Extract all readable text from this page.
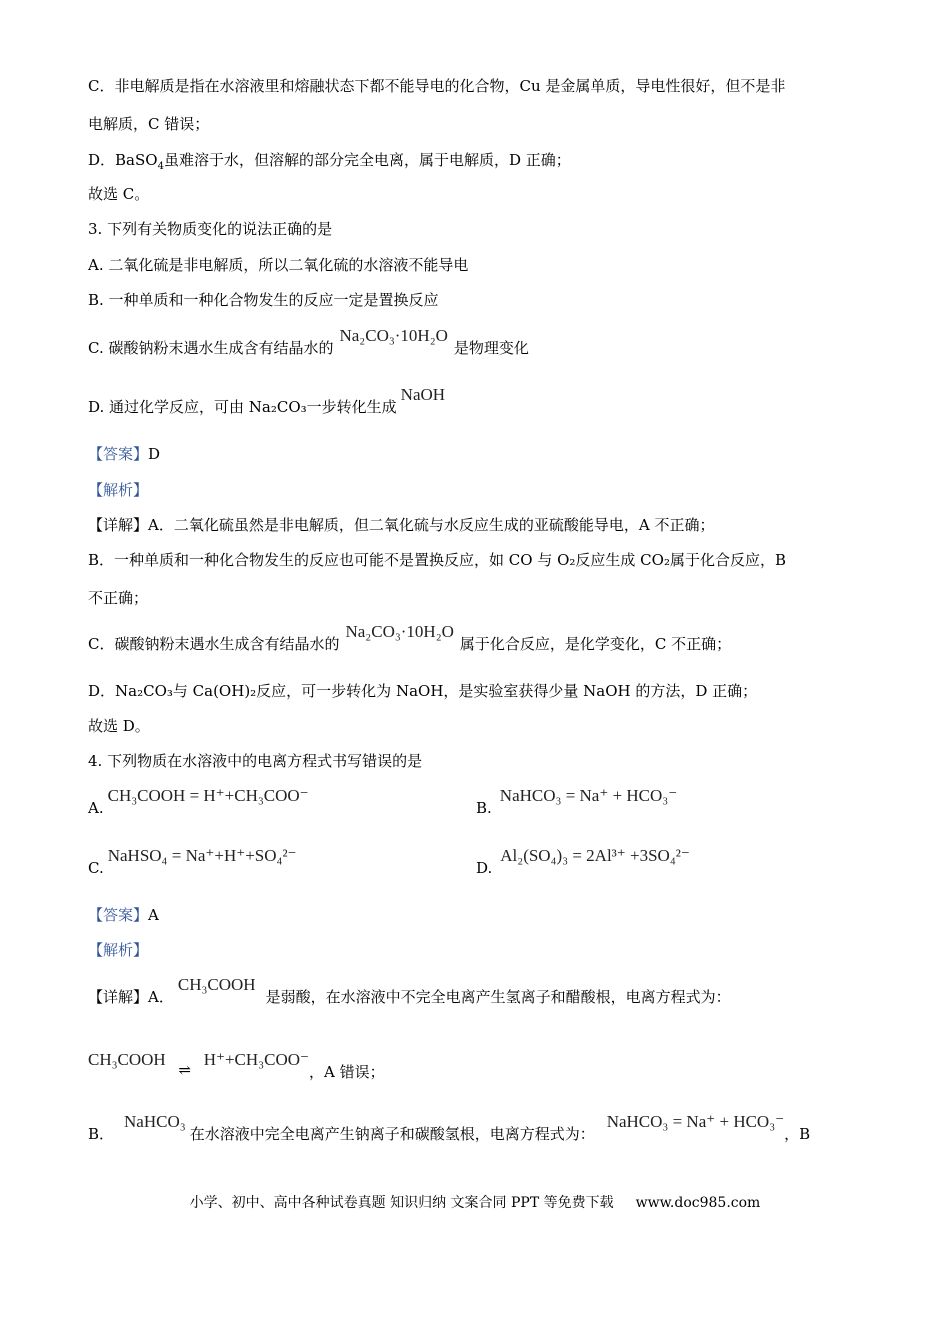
C．非电解质是指在水溶液里和熔融状态下都不能导电的化合物，Cu 是金属单质，导电性很好，但不是非
电解质，C 错误；
D．BaSO$_4$虽难溶于水，但溶解的部分完全电离，属于电解质，D 正确；
故选 C。
3. 下列有关物质变化的说法正确的是
A. 二氧化硫是非电解质，所以二氧化硫的水溶液不能导电
B. 一种单质和一种化合物发生的反应一定是置换反应
C. 碳酸钠粉末遇水生成含有结晶水的Na₂CO₃·10H₂O是物理变化
D. 通过化学反应，可由 Na₂CO₃一步转化生成NaOH
【答案】D
【解析】
【详解】A．二氧化硫虽然是非电解质，但二氧化硫与水反应生成的亚硫酸能导电，A 不正确；
B．一种单质和一种化合物发生的反应也可能不是置换反应，如 CO 与 O₂反应生成 CO₂属于化合反应，B
不正确；
C．碳酸钠粉末遇水生成含有结晶水的Na₂CO₃·10H₂O属于化合反应，是化学变化，C 不正确；
D．Na₂CO₃与 Ca(OH)₂反应，可一步转化为 NaOH，是实验室获得少量 NaOH 的方法，D 正确；
故选 D。
4. 下列物质在水溶液中的电离方程式书写错误的是
A.CH₃COOH = H⁺+CH₃COO⁻
B.NaHCO₃ = Na⁺ + HCO₃⁻
C.NaHSO₄ = Na⁺+H⁺+SO₄²⁻
D.Al₂(SO₄)₃ = 2Al³⁺ +3SO₄²⁻
【答案】A
【解析】
【详解】A．CH₃COOH是弱酸，在水溶液中不完全电离产生氢离子和醋酸根，电离方程式为：
CH₃COOH⇌H⁺+CH₃COO⁻，A 错误；
B．NaHCO₃在水溶液中完全电离产生钠离子和碳酸氢根，电离方程式为：NaHCO₃ = Na⁺ + HCO₃⁻，B
小学、初中、高中各种试卷真题 知识归纳 文案合同 PPT 等免费下载 www.doc985.com
